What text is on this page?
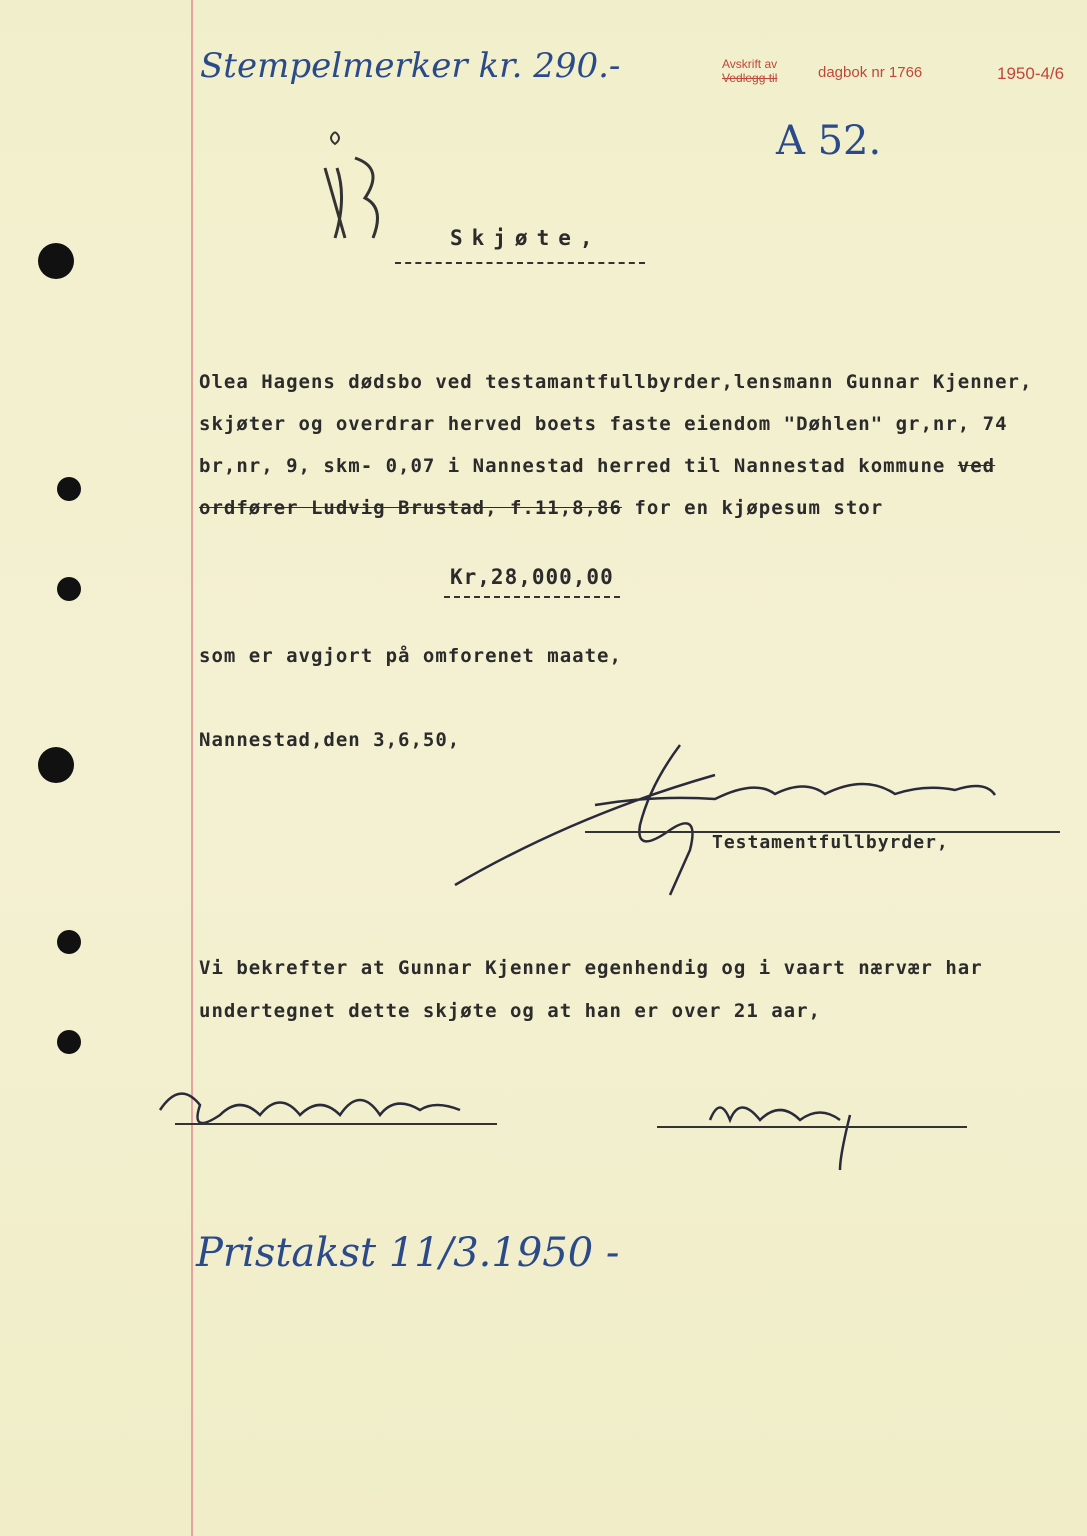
Stempelmerker kr. 290.-	Avskrift av
Vedlegg til	dagbok nr 1766	1950-4/6
A 52.
Skjøte,
Olea Hagens dødsbo ved testamantfullbyrder,lensmann Gunnar Kjenner,
skjøter og overdrar herved boets faste eiendom "Døhlen" gr,nr, 74
br,nr, 9, skm- 0,07 i Nannestad herred til Nannestad kommune ved
ordfører Ludvig Brustad, f.11,8,86 for en kjøpesum stor
Kr,28,000,00
som er avgjort på omforenet maate,
Nannestad,den 3,6,50,
Testamentfullbyrder,
Vi bekrefter at Gunnar Kjenner egenhendig og i vaart nærvær har
undertegnet dette skjøte og at han er over 21 aar,
Pristakst 11/3.1950 -
